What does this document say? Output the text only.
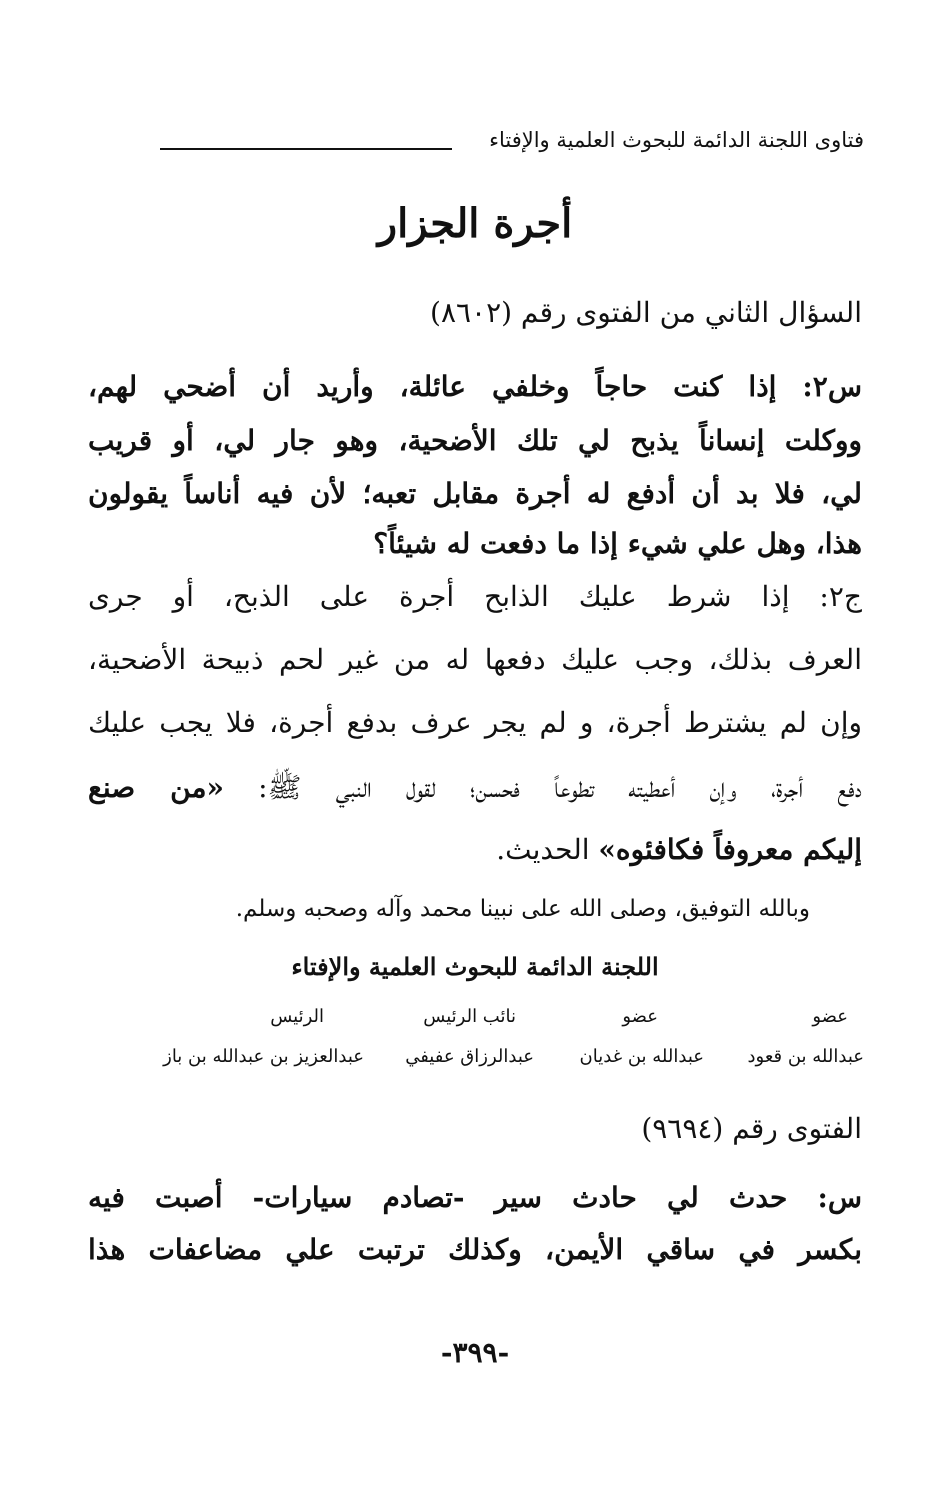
فتاوى اللجنة الدائمة للبحوث العلمية والإفتاء
أجرة الجزار
السؤال الثاني من الفتوى رقم (٨٦٠٢)
س٢: إذا كنت حاجاً وخلفي عائلة، وأريد أن أضحي لهم،
ووكلت إنساناً يذبح لي تلك الأضحية، وهو جار لي، أو قريب
لي، فلا بد أن أدفع له أجرة مقابل تعبه؛ لأن فيه أناساً يقولون
هذا، وهل علي شيء إذا ما دفعت له شيئاً؟
ج٢: إذا شرط عليك الذابح أجرة على الذبح، أو جرى
العرف بذلك، وجب عليك دفعها له من غير لحم ذبيحة الأضحية،
وإن لم يشترط أجرة، و لم يجر عرف بدفع أجرة، فلا يجب عليك
دفع أجرة، وإن أعطيته تطوعاً فحسن؛ لقول النبي ﷺ: «من صنع
إليكم معروفاً فكافئوه» الحديث.
وبالله التوفيق، وصلى الله على نبينا محمد وآله وصحبه وسلم.
اللجنة الدائمة للبحوث العلمية والإفتاء
عضو
عضو
نائب الرئيس
الرئيس
عبدالله بن قعود
عبدالله بن غديان
عبدالرزاق عفيفي
عبدالعزيز بن عبدالله بن باز
الفتوى رقم (٩٦٩٤)
س: حدث لي حادث سير -تصادم سيارات- أصبت فيه
بكسر في ساقي الأيمن، وكذلك ترتبت علي مضاعفات هذا
-٣٩٩-
